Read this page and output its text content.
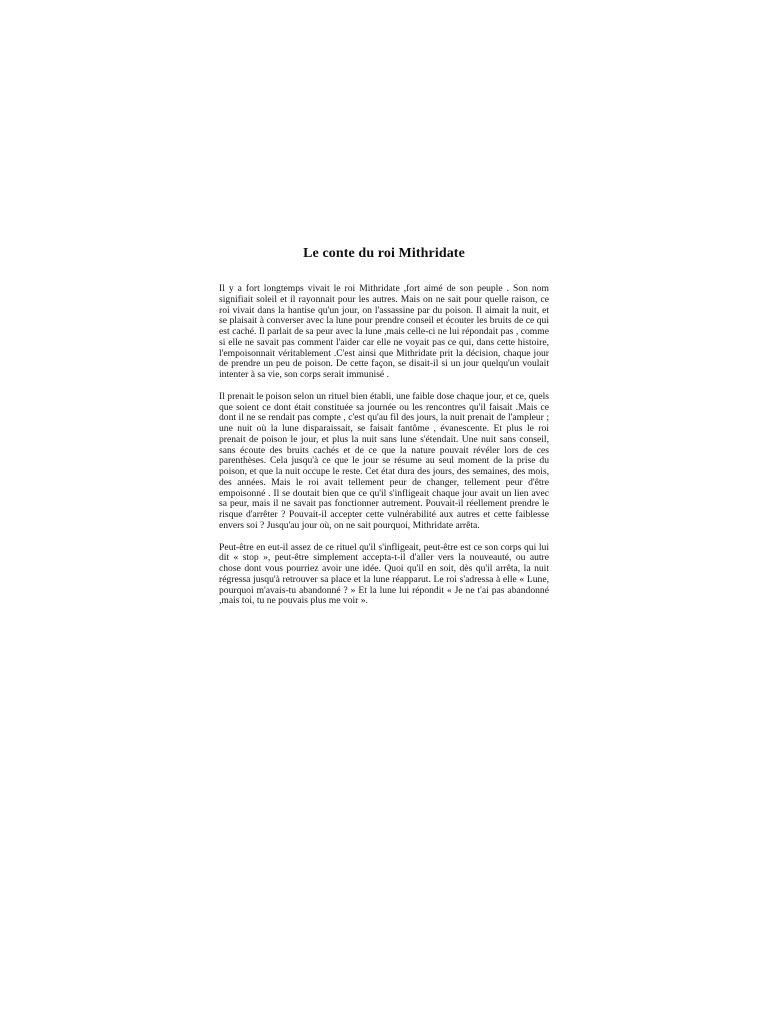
Le conte du roi Mithridate

Il y a fort longtemps vivait le roi Mithridate ,fort aimé de son peuple . Son nom signifiait soleil et il rayonnait pour les autres. Mais on ne sait pour quelle raison, ce roi vivait dans la hantise qu'un jour, on l'assassine par du poison. Il aimait la nuit, et se plaisait à converser avec la lune pour prendre conseil et écouter les bruits de ce qui est caché. Il parlait de sa peur avec la lune ,mais celle-ci ne lui répondait pas , comme si elle ne savait pas comment l'aider car elle ne voyait pas ce qui, dans cette histoire, l'empoisonnait véritablement .C'est ainsi que Mithridate prit la décision, chaque jour de prendre un peu de poison. De cette façon, se disait-il si un jour quelqu'un voulait intenter à sa vie, son corps serait immunisé .

Il prenait le poison selon un rituel bien établi, une faible dose chaque jour, et ce, quels que soient ce dont était constituée sa journée ou les rencontres qu'il faisait .Mais ce dont il ne se rendait pas compte , c'est qu'au fil des jours, la nuit prenait de l'ampleur ; une nuit où la lune disparaissait, se faisait fantôme , évanescente. Et plus le roi prenait de poison le jour, et plus la nuit sans lune s'étendait. Une nuit sans conseil, sans écoute des bruits cachés et de ce que la nature pouvait révéler lors de ces parenthèses. Cela jusqu'à ce que le jour se résume au seul moment de la prise du poison, et que la nuit occupe le reste. Cet état dura des jours, des semaines, des mois, des années. Mais le roi avait tellement peur de changer, tellement peur d'être empoisonné . Il se doutait bien que ce qu'il s'infligeait chaque jour avait un lien avec sa peur, mais il ne savait pas fonctionner autrement. Pouvait-il réellement prendre le risque d'arrêter ? Pouvait-il accepter cette vulnérabilité aux autres et cette faiblesse envers soi ? Jusqu'au jour où, on ne sait pourquoi, Mithridate arrêta.

Peut-être en eut-il assez de ce rituel qu'il s'infligeait, peut-être est ce son corps qui lui dit « stop », peut-être simplement accepta-t-il d'aller vers la nouveauté, ou autre chose dont vous pourriez avoir une idée. Quoi qu'il en soit, dès qu'il arrêta, la nuit régressa jusqu'à retrouver sa place et la lune réapparut. Le roi s'adressa à elle « Lune, pourquoi m'avais-tu abandonné ? » Et la lune lui répondit « Je ne t'ai pas abandonné ,mais toi, tu ne pouvais plus me voir ».
